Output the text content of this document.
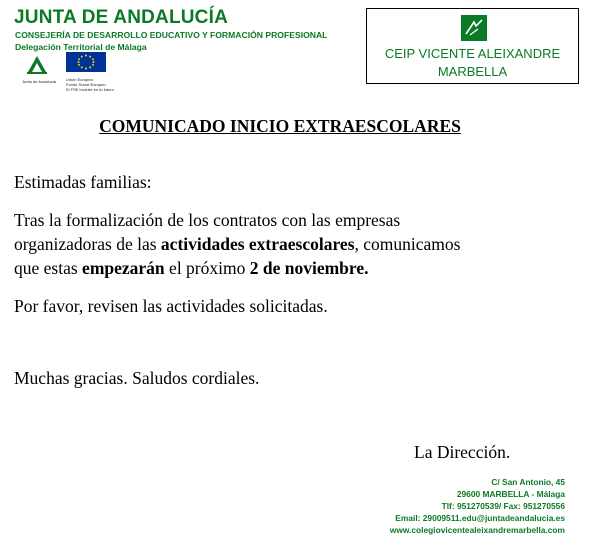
JUNTA DE ANDALUCÍA
CONSEJERÍA DE DESARROLLO EDUCATIVO Y FORMACIÓN PROFESIONAL
Delegación Territorial de Málaga
Junta de Andalucía Unión Europea
Fondo Social Europeo
El FSE invierte en tu futuro
CEIP VICENTE ALEIXANDRE
MARBELLA
COMUNICADO INICIO EXTRAESCOLARES
Estimadas familias:
Tras la formalización de los contratos con las empresas
organizadoras de las actividades extraescolares, comunicamos
que estas empezarán el próximo 2 de noviembre.
Por favor, revisen las actividades solicitadas.
Muchas gracias. Saludos cordiales.
La Dirección.
C/ San Antonio, 45
29600 MARBELLA - Málaga
Tlf: 951270539/ Fax: 951270556
Email: 29009511.edu@juntadeandalucia.es
www.colegiovicentealeixandremarbella.com
